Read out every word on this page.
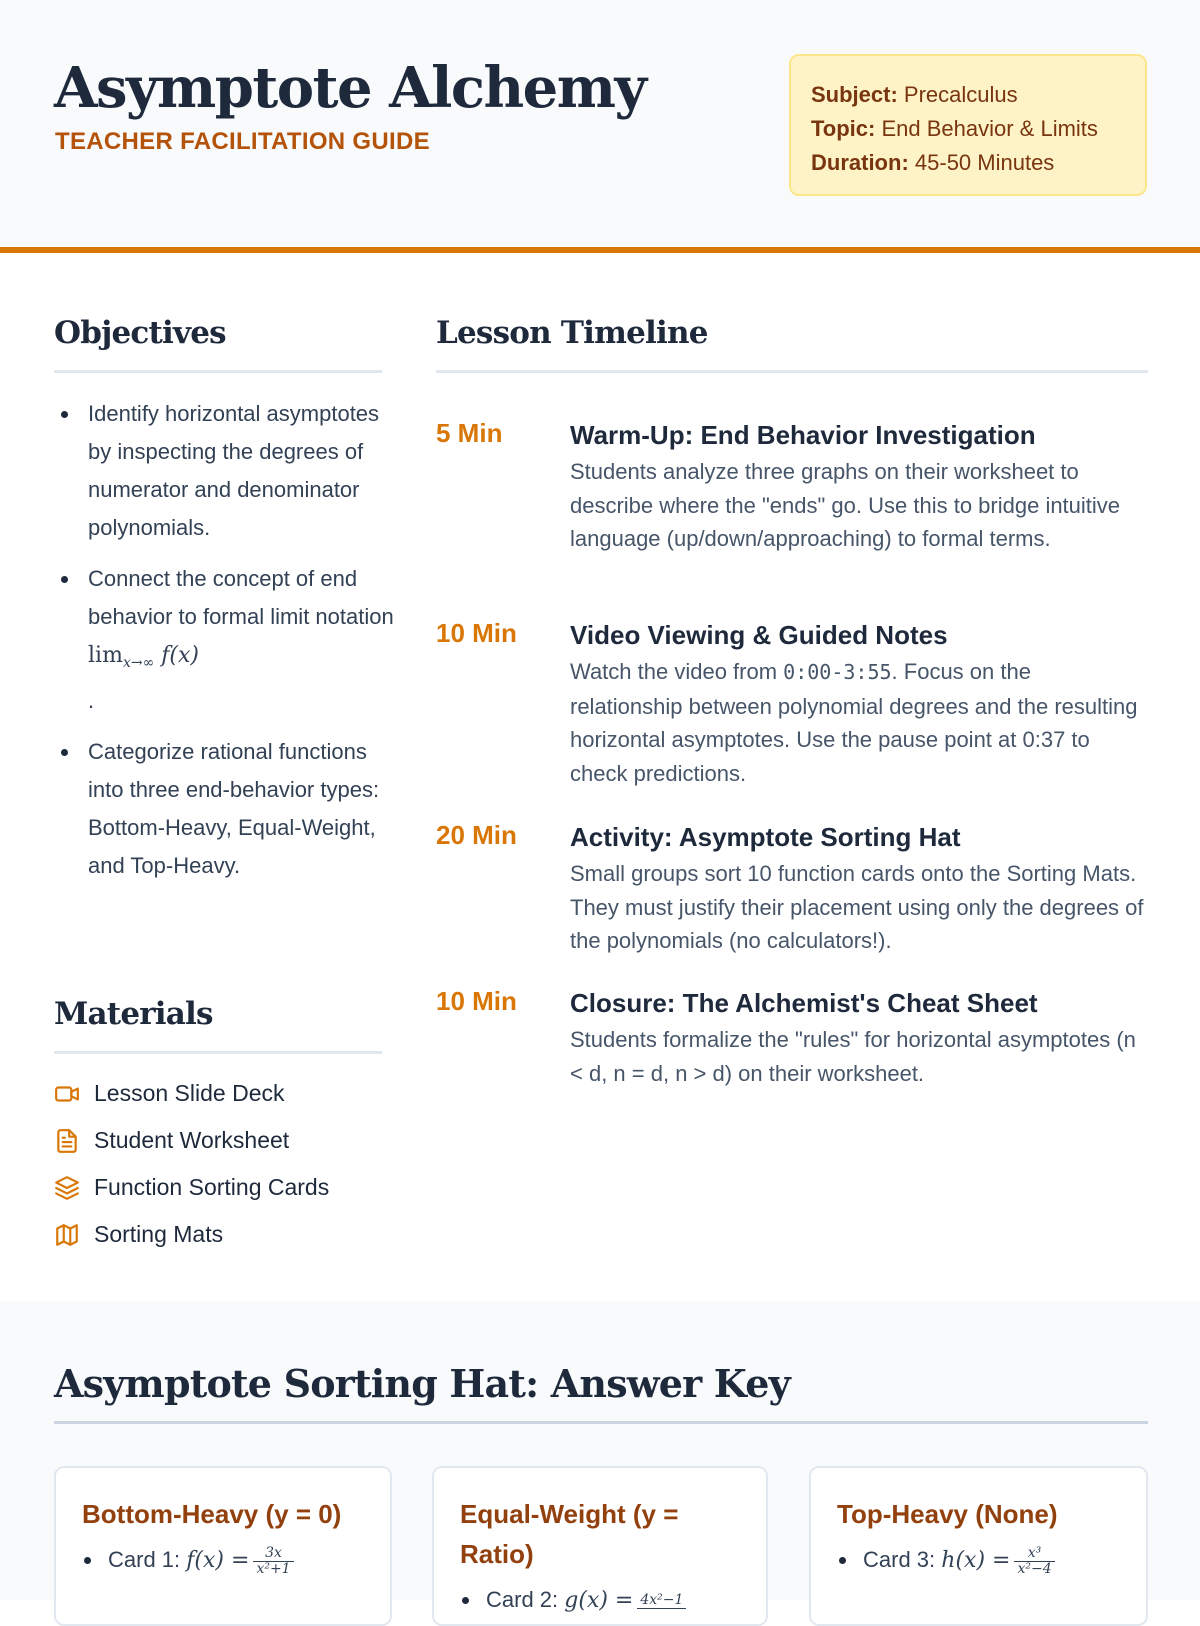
Asymptote Alchemy
TEACHER FACILITATION GUIDE
Subject: Precalculus
Topic: End Behavior & Limits
Duration: 45-50 Minutes
Objectives
Identify horizontal asymptotes by inspecting the degrees of numerator and denominator polynomials.
Connect the concept of end behavior to formal limit notation $\lim_{x\to\infty} f(x)$
.
Categorize rational functions into three end-behavior types: Bottom-Heavy, Equal-Weight, and Top-Heavy.
Materials
Lesson Slide Deck
Student Worksheet
Function Sorting Cards
Sorting Mats
Lesson Timeline
5 Min	Warm-Up: End Behavior Investigation
Students analyze three graphs on their worksheet to describe where the "ends" go. Use this to bridge intuitive language (up/down/approaching) to formal terms.
10 Min Video Viewing & Guided Notes
Watch the video from 0:00-3:55. Focus on the relationship between polynomial degrees and the resulting horizontal asymptotes. Use the pause point at 0:37 to check predictions.
20 Min Activity: Asymptote Sorting Hat
Small groups sort 10 function cards onto the Sorting Mats. They must justify their placement using only the degrees of the polynomials (no calculators!).
10 Min Closure: The Alchemist's Cheat Sheet
Students formalize the "rules" for horizontal asymptotes (n < d, n = d, n > d) on their worksheet.
Asymptote Sorting Hat: Answer Key
Bottom-Heavy (y = 0)
Card 1: $f(x) = \frac{3x}{\text{x²+1}}$
Equal-Weight (y = Ratio)
Card 2: g(x) = 4x²−1
Top-Heavy (None)
Card 3: $h(x) = \frac{\text{x³}}{\text{x²−4}}$
